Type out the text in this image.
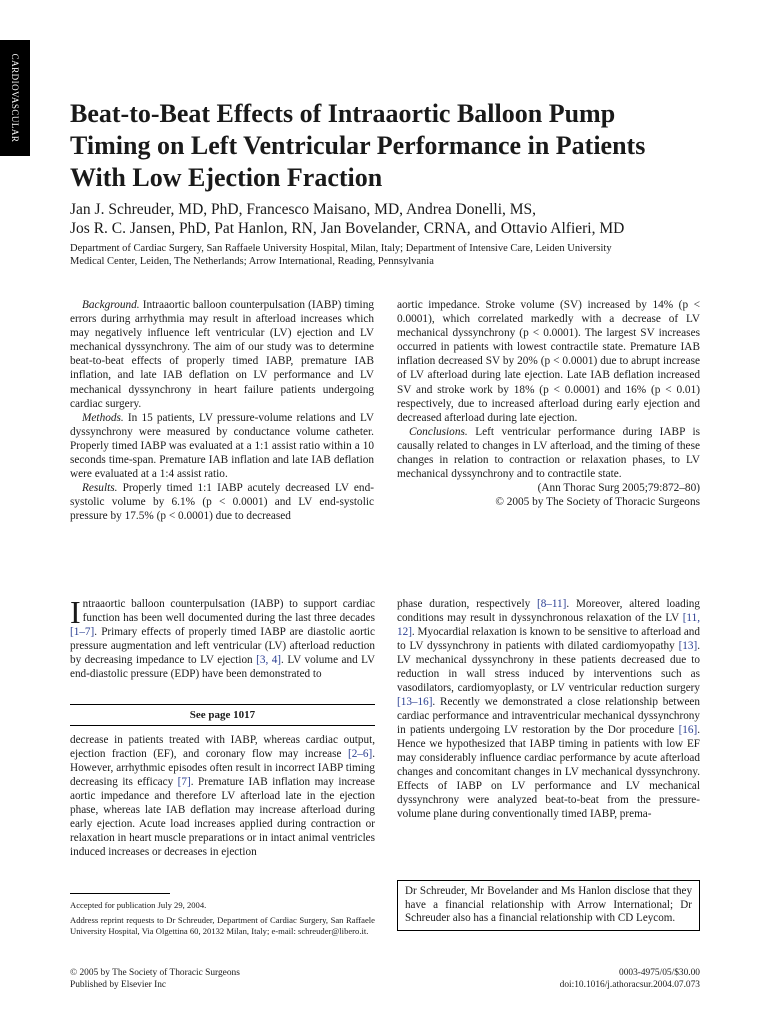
CARDIOVASCULAR Beat-to-Beat Effects of Intraaortic Balloon Pump
Timing on Left Ventricular Performance in Patients
With Low Ejection Fraction
Jan J. Schreuder, MD, PhD, Francesco Maisano, MD, Andrea Donelli, MS,
Jos R. C. Jansen, PhD, Pat Hanlon, RN, Jan Bovelander, CRNA, and Ottavio Alfieri, MD
Department of Cardiac Surgery, San Raffaele University Hospital, Milan, Italy; Department of Intensive Care, Leiden University
Medical Center, Leiden, The Netherlands; Arrow International, Reading, Pennsylvania

Background. Intraaortic balloon counterpulsation (IABP) timing errors during arrhythmia may result in afterload increases which may negatively influence left ventricular (LV) ejection and LV mechanical dyssynchrony. The aim of our study was to determine beat-to-beat effects of properly timed IABP, premature IAB inflation, and late IAB deflation on LV performance and LV mechanical dyssynchrony in heart failure patients undergoing cardiac surgery.

Methods. In 15 patients, LV pressure-volume relations and LV dyssynchrony were measured by conductance volume catheter. Properly timed IABP was evaluated at a 1:1 assist ratio within a 10 seconds time-span. Premature IAB inflation and late IAB deflation were evaluated at a 1:4 assist ratio.

Results. Properly timed 1:1 IABP acutely decreased LV end-systolic volume by 6.1% (p < 0.0001) and LV end-systolic pressure by 17.5% (p < 0.0001) due to decreased

aortic impedance. Stroke volume (SV) increased by 14% (p < 0.0001), which correlated markedly with a decrease of LV mechanical dyssynchrony (p < 0.0001). The largest SV increases occurred in patients with lowest contractile state. Premature IAB inflation decreased SV by 20% (p < 0.0001) due to abrupt increase of LV afterload during late ejection. Late IAB deflation increased SV and stroke work by 18% (p < 0.0001) and 16% (p < 0.01) respectively, due to increased afterload during early ejection and decreased afterload during late ejection.

Conclusions. Left ventricular performance during IABP is causally related to changes in LV afterload, and the timing of these changes in relation to contraction or relaxation phases, to LV mechanical dyssynchrony and to contractile state.

(Ann Thorac Surg 2005;79:872–80)

© 2005 by The Society of Thoracic Surgeons

Intraaortic balloon counterpulsation (IABP) to support cardiac function has been well documented during the last three decades [1–7]. Primary effects of properly timed IABP are diastolic aortic pressure augmentation and left ventricular (LV) afterload reduction by decreasing impedance to LV ejection [3, 4]. LV volume and LV end-diastolic pressure (EDP) have been demonstrated to

See page 1017

decrease in patients treated with IABP, whereas cardiac output, ejection fraction (EF), and coronary flow may increase [2–6]. However, arrhythmic episodes often result in incorrect IABP timing decreasing its efficacy [7]. Premature IAB inflation may increase aortic impedance and therefore LV afterload late in the ejection phase, whereas late IAB deflation may increase afterload during early ejection. Acute load increases applied during contraction or relaxation in heart muscle preparations or in intact animal ventricles induced increases or decreases in ejection

phase duration, respectively [8–11]. Moreover, altered loading conditions may result in dyssynchronous relaxation of the LV [11, 12]. Myocardial relaxation is known to be sensitive to afterload and to LV dyssynchrony in patients with dilated cardiomyopathy [13]. LV mechanical dyssynchrony in these patients decreased due to reduction in wall stress induced by interventions such as vasodilators, cardiomyoplasty, or LV ventricular reduction surgery [13–16]. Recently we demonstrated a close relationship between cardiac performance and intraventricular mechanical dyssynchrony in patients undergoing LV restoration by the Dor procedure [16]. Hence we hypothesized that IABP timing in patients with low EF may considerably influence cardiac performance by acute afterload changes and concomitant changes in LV mechanical dyssynchrony. Effects of IABP on LV performance and LV mechanical dyssynchrony were analyzed beat-to-beat from the pressure-volume plane during conventionally timed IABP, prema-

Accepted for publication July 29, 2004.

Address reprint requests to Dr Schreuder, Department of Cardiac Surgery, San Raffaele University Hospital, Via Olgettina 60, 20132 Milan, Italy; e-mail: schreuder@libero.it.

Dr Schreuder, Mr Bovelander and Ms Hanlon disclose that they have a financial relationship with Arrow International; Dr Schreuder also has a financial relationship with CD Leycom.
© 2005 by The Society of Thoracic Surgeons
Published by Elsevier Inc
0003-4975/05/$30.00
doi:10.1016/j.athoracsur.2004.07.073
